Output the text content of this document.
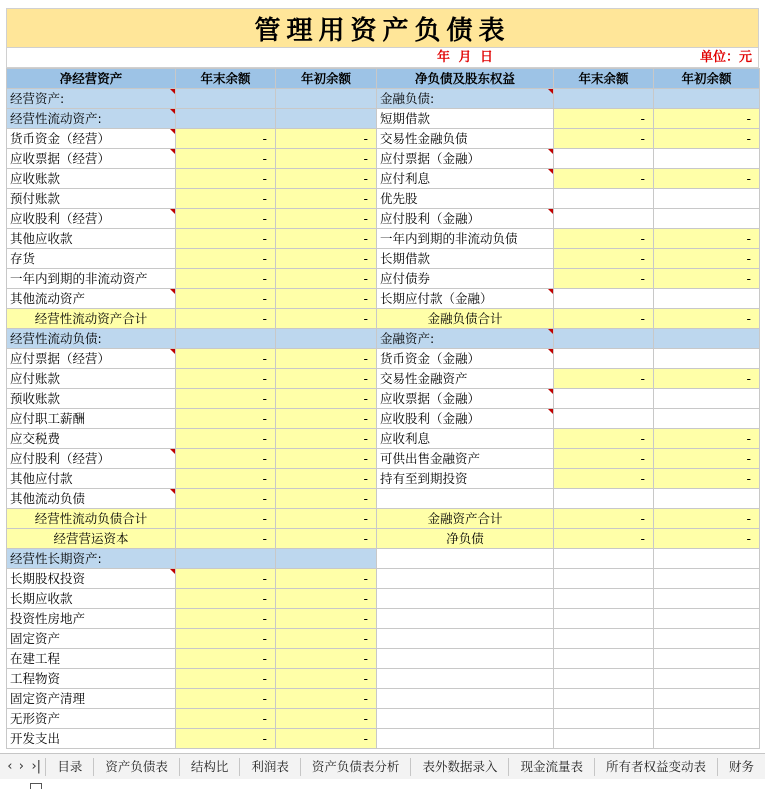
管理用资产负债表
年 月 日	单位：元
净经营资产	年末余额	年初余额	净负债及股东权益	年末余额	年初余额
经营资产:			金融负债:		
经营性流动资产:			短期借款	-	-
货币资金（经营）	-	-	交易性金融负债	-	-
应收票据（经营）	-	-	应付票据（金融）		
应收账款	-	-	应付利息	-	-
预付账款	-	-	优先股		
应收股利（经营）	-	-	应付股利（金融）		
其他应收款	-	-	一年内到期的非流动负债	-	-
存货	-	-	长期借款	-	-
一年内到期的非流动资产	-	-	应付债券	-	-
其他流动资产	-	-	长期应付款（金融）		
经营性流动资产合计	-	-	金融负债合计	-	-
经营性流动负债:			金融资产:		
应付票据（经营）	-	-	货币资金（金融）		
应付账款	-	-	交易性金融资产	-	-
预收账款	-	-	应收票据（金融）		
应付职工薪酬	-	-	应收股利（金融）		
应交税费	-	-	应收利息	-	-
应付股利（经营）	-	-	可供出售金融资产	-	-
其他应付款	-	-	持有至到期投资	-	-
其他流动负债	-	-			
经营性流动负债合计	-	-	金融资产合计	-	-
经营营运资本	-	-	净负债	-	-
经营性长期资产:					
长期股权投资	-	-			
长期应收款	-	-			
投资性房地产	-	-			
固定资产	-	-			
在建工程	-	-			
工程物资	-	-			
固定资产清理	-	-			
无形资产	-	-			
开发支出	-	-			
‹ › ›|	目录	资产负债表	结构比	利润表	资产负债表分析	表外数据录入	现金流量表	所有者权益变动表	财务
